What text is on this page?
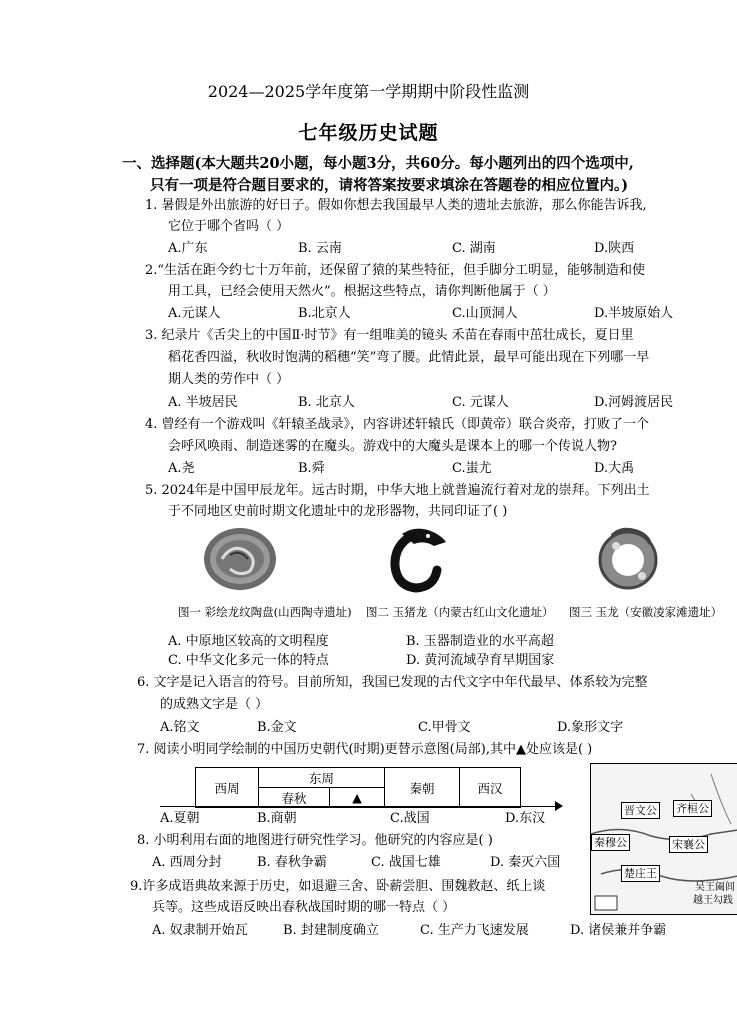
2024—2025学年度第一学期期中阶段性监测
七年级历史试题
一、选择题(本大题共20小题，每小题3分，共60分。每小题列出的四个选项中,
只有一项是符合题目要求的，请将答案按要求填涂在答题卷的相应位置内。)
1. 暑假是外出旅游的好日子。假如你想去我国最早人类的遗址去旅游，那么你能告诉我,
它位于哪个省吗（ ）
A.广东	B. 云南	C. 湖南	D.陕西
2.“生活在距今约七十万年前，还保留了猿的某些特征，但手脚分工明显，能够制造和使
用工具，已经会使用天然火”。根据这些特点，请你判断他属于（ ）
A.元谋人	B.北京人	C.山顶洞人	D.半坡原始人
3. 纪录片《舌尖上的中国Ⅱ·时节》有一组唯美的镜头 禾苗在春雨中茁壮成长，夏日里
稻花香四溢，秋收时饱满的稻穗“笑”弯了腰。此情此景，最早可能出现在下列哪一早
期人类的劳作中（ ）
A. 半坡居民	B. 北京人	C. 元谋人	D.河姆渡居民
4. 曾经有一个游戏叫《轩辕圣战录》，内容讲述轩辕氏（即黄帝）联合炎帝，打败了一个
会呼风唤雨、制造迷雾的在魔头。游戏中的大魔头是课本上的哪一个传说人物?
A.尧	B.舜	C.蚩尤	D.大禹
5. 2024年是中国甲辰龙年。远古时期，中华大地上就普遍流行着对龙的崇拜。下列出土
于不同地区史前时期文化遗址中的龙形器物，共同印证了( )
图一 彩绘龙纹陶盘(山西陶寺遗址) 图二 玉猪龙（内蒙古红山文化遗址） 图三 玉龙（安徽凌家滩遗址）
A. 中原地区较高的文明程度	B. 玉器制造业的水平高超
C. 中华文化多元一体的特点	D. 黄河流域孕育早期国家
6. 文字是记入语言的符号。目前所知，我国已发现的古代文字中年代最早、体系较为完整
的成熟文字是（ ）
A.铭文	B.金文	C.甲骨文	D.象形文字
7. 阅读小明同学绘制的中国历史朝代(时期)更替示意图(局部),其中▲处应该是( )
西周	东周		秦朝	西汉
	春秋	▲		
A.夏朝	B.商朝	C.战国	D.东汉
8. 小明利用右面的地图进行研究性学习。他研究的内容应是( )
A. 西周分封	B. 春秋争霸	C. 战国七雄	D. 秦灭六国
9.许多成语典故来源于历史，如退避三舍、卧薪尝胆、围魏救赵、纸上谈
兵等。这些成语反映出春秋战国时期的哪一特点（ ）
A. 奴隶制开始瓦	B. 封建制度确立	C. 生产力飞速发展	D. 诸侯兼并争霸
晋文公 齐桓公
秦穆公	宋襄公
楚庄王
吴王阖闾
越王勾践
